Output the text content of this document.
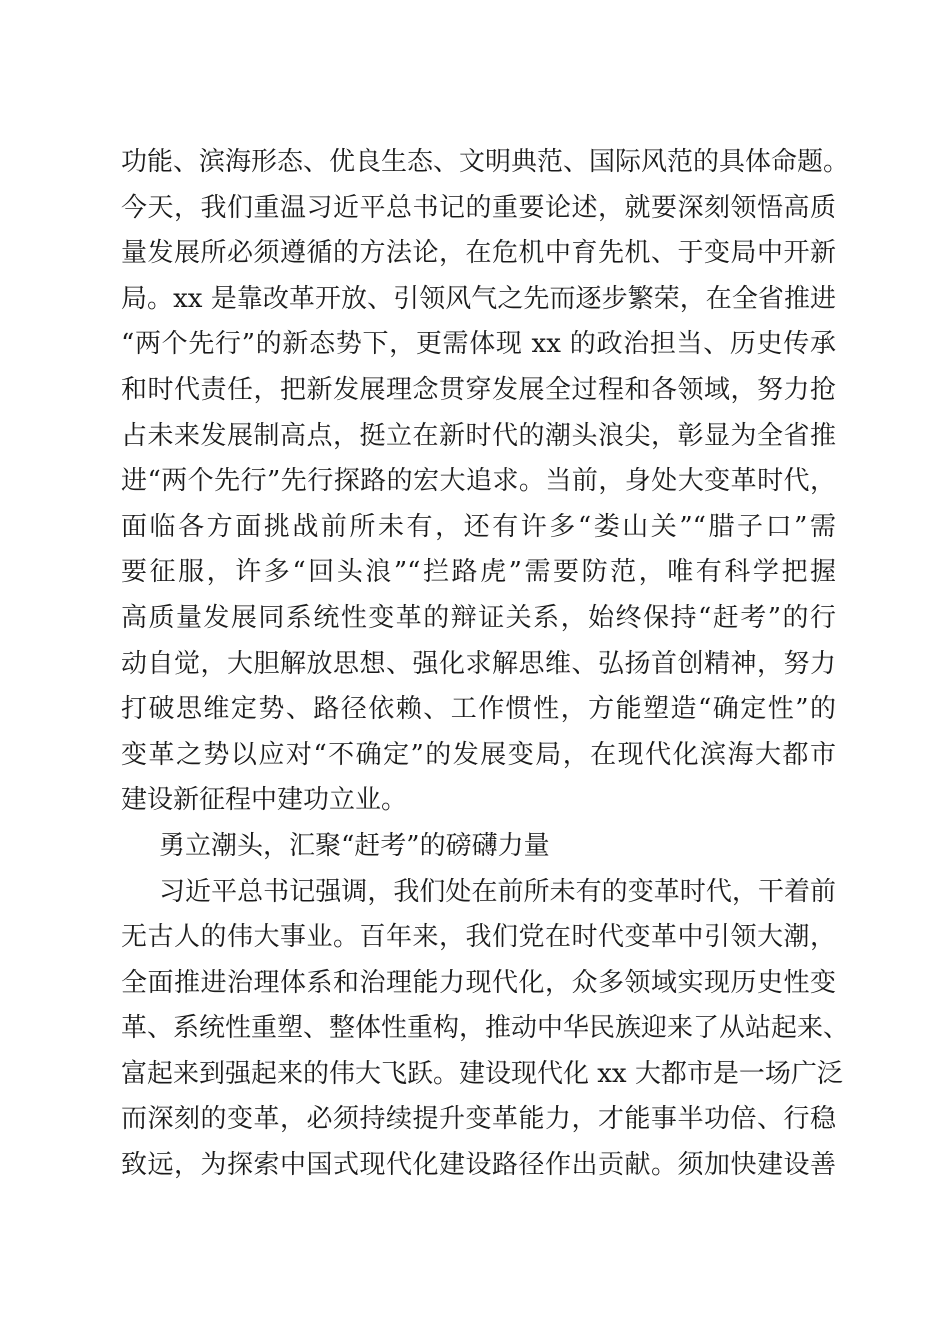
功能、滨海形态、优良生态、文明典范、国际风范的具体命题。
今天，我们重温习近平总书记的重要论述，就要深刻领悟高质
量发展所必须遵循的方法论，在危机中育先机、于变局中开新
局。xx 是靠改革开放、引领风气之先而逐步繁荣，在全省推进
“两个先行”的新态势下，更需体现 xx 的政治担当、历史传承
和时代责任，把新发展理念贯穿发展全过程和各领域，努力抢
占未来发展制高点，挺立在新时代的潮头浪尖，彰显为全省推
进“两个先行”先行探路的宏大追求。当前，身处大变革时代，
面临各方面挑战前所未有，还有许多“娄山关”“腊子口”需
要征服，许多“回头浪”“拦路虎”需要防范，唯有科学把握
高质量发展同系统性变革的辩证关系，始终保持“赶考”的行
动自觉，大胆解放思想、强化求解思维、弘扬首创精神，努力
打破思维定势、路径依赖、工作惯性，方能塑造“确定性”的
变革之势以应对“不确定”的发展变局，在现代化滨海大都市
建设新征程中建功立业。
勇立潮头，汇聚“赶考”的磅礴力量
习近平总书记强调，我们处在前所未有的变革时代，干着前
无古人的伟大事业。百年来，我们党在时代变革中引领大潮，
全面推进治理体系和治理能力现代化，众多领域实现历史性变
革、系统性重塑、整体性重构，推动中华民族迎来了从站起来、
富起来到强起来的伟大飞跃。建设现代化 xx 大都市是一场广泛
而深刻的变革，必须持续提升变革能力，才能事半功倍、行稳
致远，为探索中国式现代化建设路径作出贡献。须加快建设善
